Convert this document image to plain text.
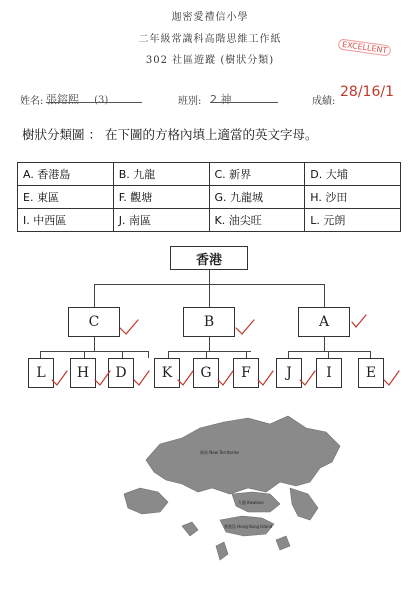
迦密愛禮信小學
二年級常識科高階思維工作紙
302 社區遊蹤 (樹狀分類)
EXCELLENT
姓名: 張鎔熙 (3)	班別: 2 神	成績:
28/16/1
樹狀分類圖 ： 在下圖的方格內填上適當的英文字母。
A. 香港島	B. 九龍	C. 新界	D. 大埔
E. 東區	F. 觀塘	G. 九龍城	H. 沙田
I. 中西區	J. 南區	K. 油尖旺	L. 元朗
香港
C	B	A
L	H	D	K	G	F	J	I	E
新界 New Territories
九龍 Kowloon
香港島 Hong Kong Island
